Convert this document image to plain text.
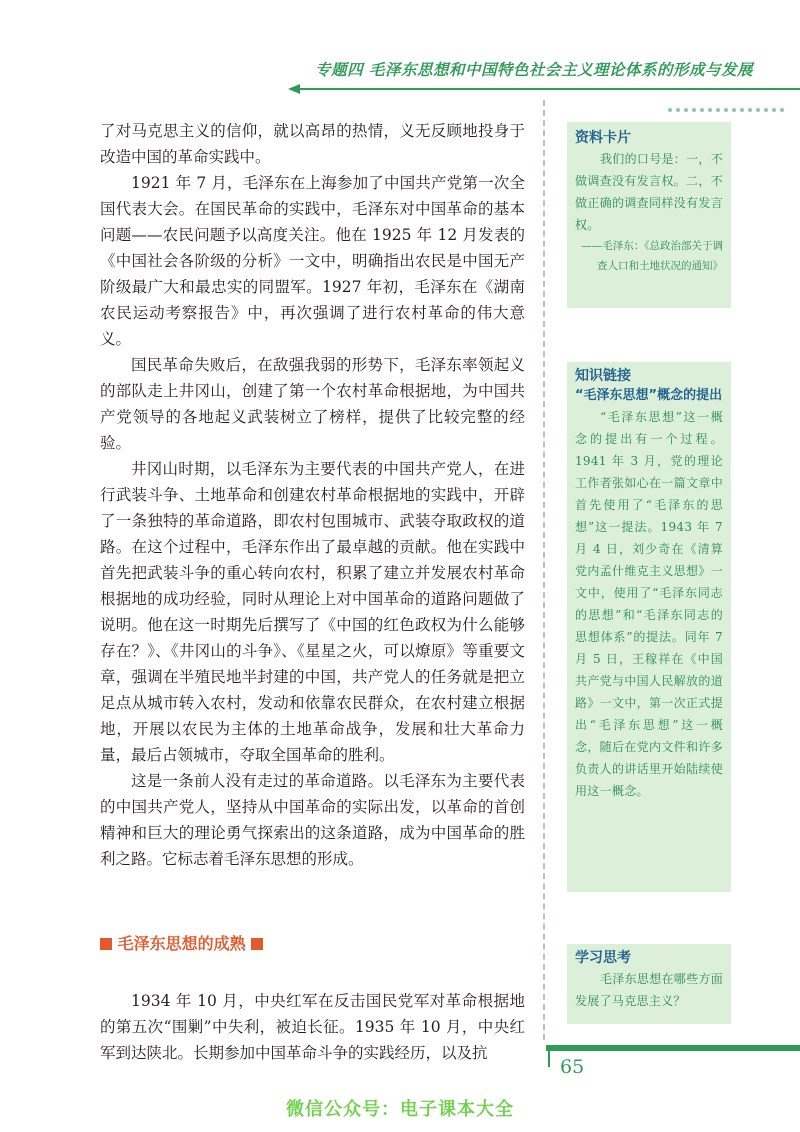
专题四 毛泽东思想和中国特色社会主义理论体系的形成与发展

了对马克思主义的信仰，就以高昂的热情，义无反顾地投身于改造中国的革命实践中。

1921 年 7 月，毛泽东在上海参加了中国共产党第一次全国代表大会。在国民革命的实践中，毛泽东对中国革命的基本问题——农民问题予以高度关注。他在 1925 年 12 月发表的《中国社会各阶级的分析》一文中，明确指出农民是中国无产阶级最广大和最忠实的同盟军。1927 年初，毛泽东在《湖南农民运动考察报告》中，再次强调了进行农村革命的伟大意义。

国民革命失败后，在敌强我弱的形势下，毛泽东率领起义的部队走上井冈山，创建了第一个农村革命根据地，为中国共产党领导的各地起义武装树立了榜样，提供了比较完整的经验。

井冈山时期，以毛泽东为主要代表的中国共产党人，在进行武装斗争、土地革命和创建农村革命根据地的实践中，开辟了一条独特的革命道路，即农村包围城市、武装夺取政权的道路。在这个过程中，毛泽东作出了最卓越的贡献。他在实践中首先把武装斗争的重心转向农村，积累了建立并发展农村革命根据地的成功经验，同时从理论上对中国革命的道路问题做了说明。他在这一时期先后撰写了《中国的红色政权为什么能够存在？》、《井冈山的斗争》、《星星之火，可以燎原》等重要文章，强调在半殖民地半封建的中国，共产党人的任务就是把立足点从城市转入农村，发动和依靠农民群众，在农村建立根据地，开展以农民为主体的土地革命战争，发展和壮大革命力量，最后占领城市，夺取全国革命的胜利。

这是一条前人没有走过的革命道路。以毛泽东为主要代表的中国共产党人，坚持从中国革命的实际出发，以革命的首创精神和巨大的理论勇气探索出的这条道路，成为中国革命的胜利之路。它标志着毛泽东思想的形成。

毛泽东思想的成熟

1934 年 10 月，中央红军在反击国民党军对革命根据地的第五次“围剿”中失利，被迫长征。1935 年 10 月，中央红军到达陕北。长期参加中国革命斗争的实践经历，以及抗

资料卡片

我们的口号是：一，不做调查没有发言权。二，不做正确的调查同样没有发言权。

——毛泽东：《总政治部关于调查人口和土地状况的通知》
知识链接
“毛泽东思想”概念的提出

“毛泽东思想”这一概念的提出有一个过程。1941 年 3 月，党的理论工作者张如心在一篇文章中首先使用了“毛泽东的思想”这一提法。1943 年 7 月 4 日，刘少奇在《清算党内孟什维克主义思想》一文中，使用了“毛泽东同志的思想”和“毛泽东同志的思想体系”的提法。同年 7 月 5 日，王稼祥在《中国共产党与中国人民解放的道路》一文中，第一次正式提出“毛泽东思想”这一概念，随后在党内文件和许多负责人的讲话里开始陆续使用这一概念。

学习思考

毛泽东思想在哪些方面发展了马克思主义？

65
微信公众号：电子课本大全
